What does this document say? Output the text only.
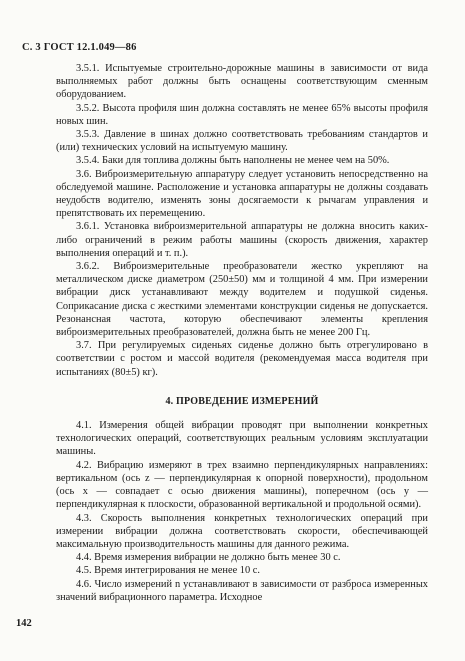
С. 3 ГОСТ 12.1.049—86

3.5.1. Испытуемые строительно-дорожные машины в зависимости от вида выполняемых работ должны быть оснащены соответствующим сменным оборудованием.

3.5.2. Высота профиля шин должна составлять не менее 65% высоты профиля новых шин.

3.5.3. Давление в шинах должно соответствовать требованиям стандартов и (или) технических условий на испытуемую машину.

3.5.4. Баки для топлива должны быть наполнены не менее чем на 50%.

3.6. Виброизмерительную аппаратуру следует установить непосредственно на обследуемой машине. Расположение и установка аппаратуры не должны создавать неудобств водителю, изменять зоны досягаемости к рычагам управления и препятствовать их перемещению.

3.6.1. Установка виброизмерительной аппаратуры не должна вносить каких-либо ограничений в режим работы машины (скорость движения, характер выполнения операций и т. п.).

3.6.2. Виброизмерительные преобразователи жестко укрепляют на металлическом диске диаметром (250±50) мм и толщиной 4 мм. При измерении вибрации диск устанавливают между водителем и подушкой сиденья. Соприкасание диска с жесткими элементами конструкции сиденья не допускается. Резонансная частота, которую обеспечивают элементы крепления виброизмерительных преобразователей, должна быть не менее 200 Гц.

3.7. При регулируемых сиденьях сиденье должно быть отрегулировано в соответствии с ростом и массой водителя (рекомендуемая масса водителя при испытаниях (80±5) кг).

4. ПРОВЕДЕНИЕ ИЗМЕРЕНИЙ

4.1. Измерения общей вибрации проводят при выполнении конкретных технологических операций, соответствующих реальным условиям эксплуатации машины.

4.2. Вибрацию измеряют в трех взаимно перпендикулярных направлениях: вертикальном (ось z — перпендикулярная к опорной поверхности), продольном (ось x — совпадает с осью движения машины), поперечном (ось y — перпендикулярная к плоскости, образованной вертикальной и продольной осями).

4.3. Скорость выполнения конкретных технологических операций при измерении вибрации должна соответствовать скорости, обеспечивающей максимальную производительность машины для данного режима.

4.4. Время измерения вибрации не должно быть менее 30 с.

4.5. Время интегрирования не менее 10 с.

4.6. Число измерений n устанавливают в зависимости от разброса измеренных значений вибрационного параметра. Исходное

142
